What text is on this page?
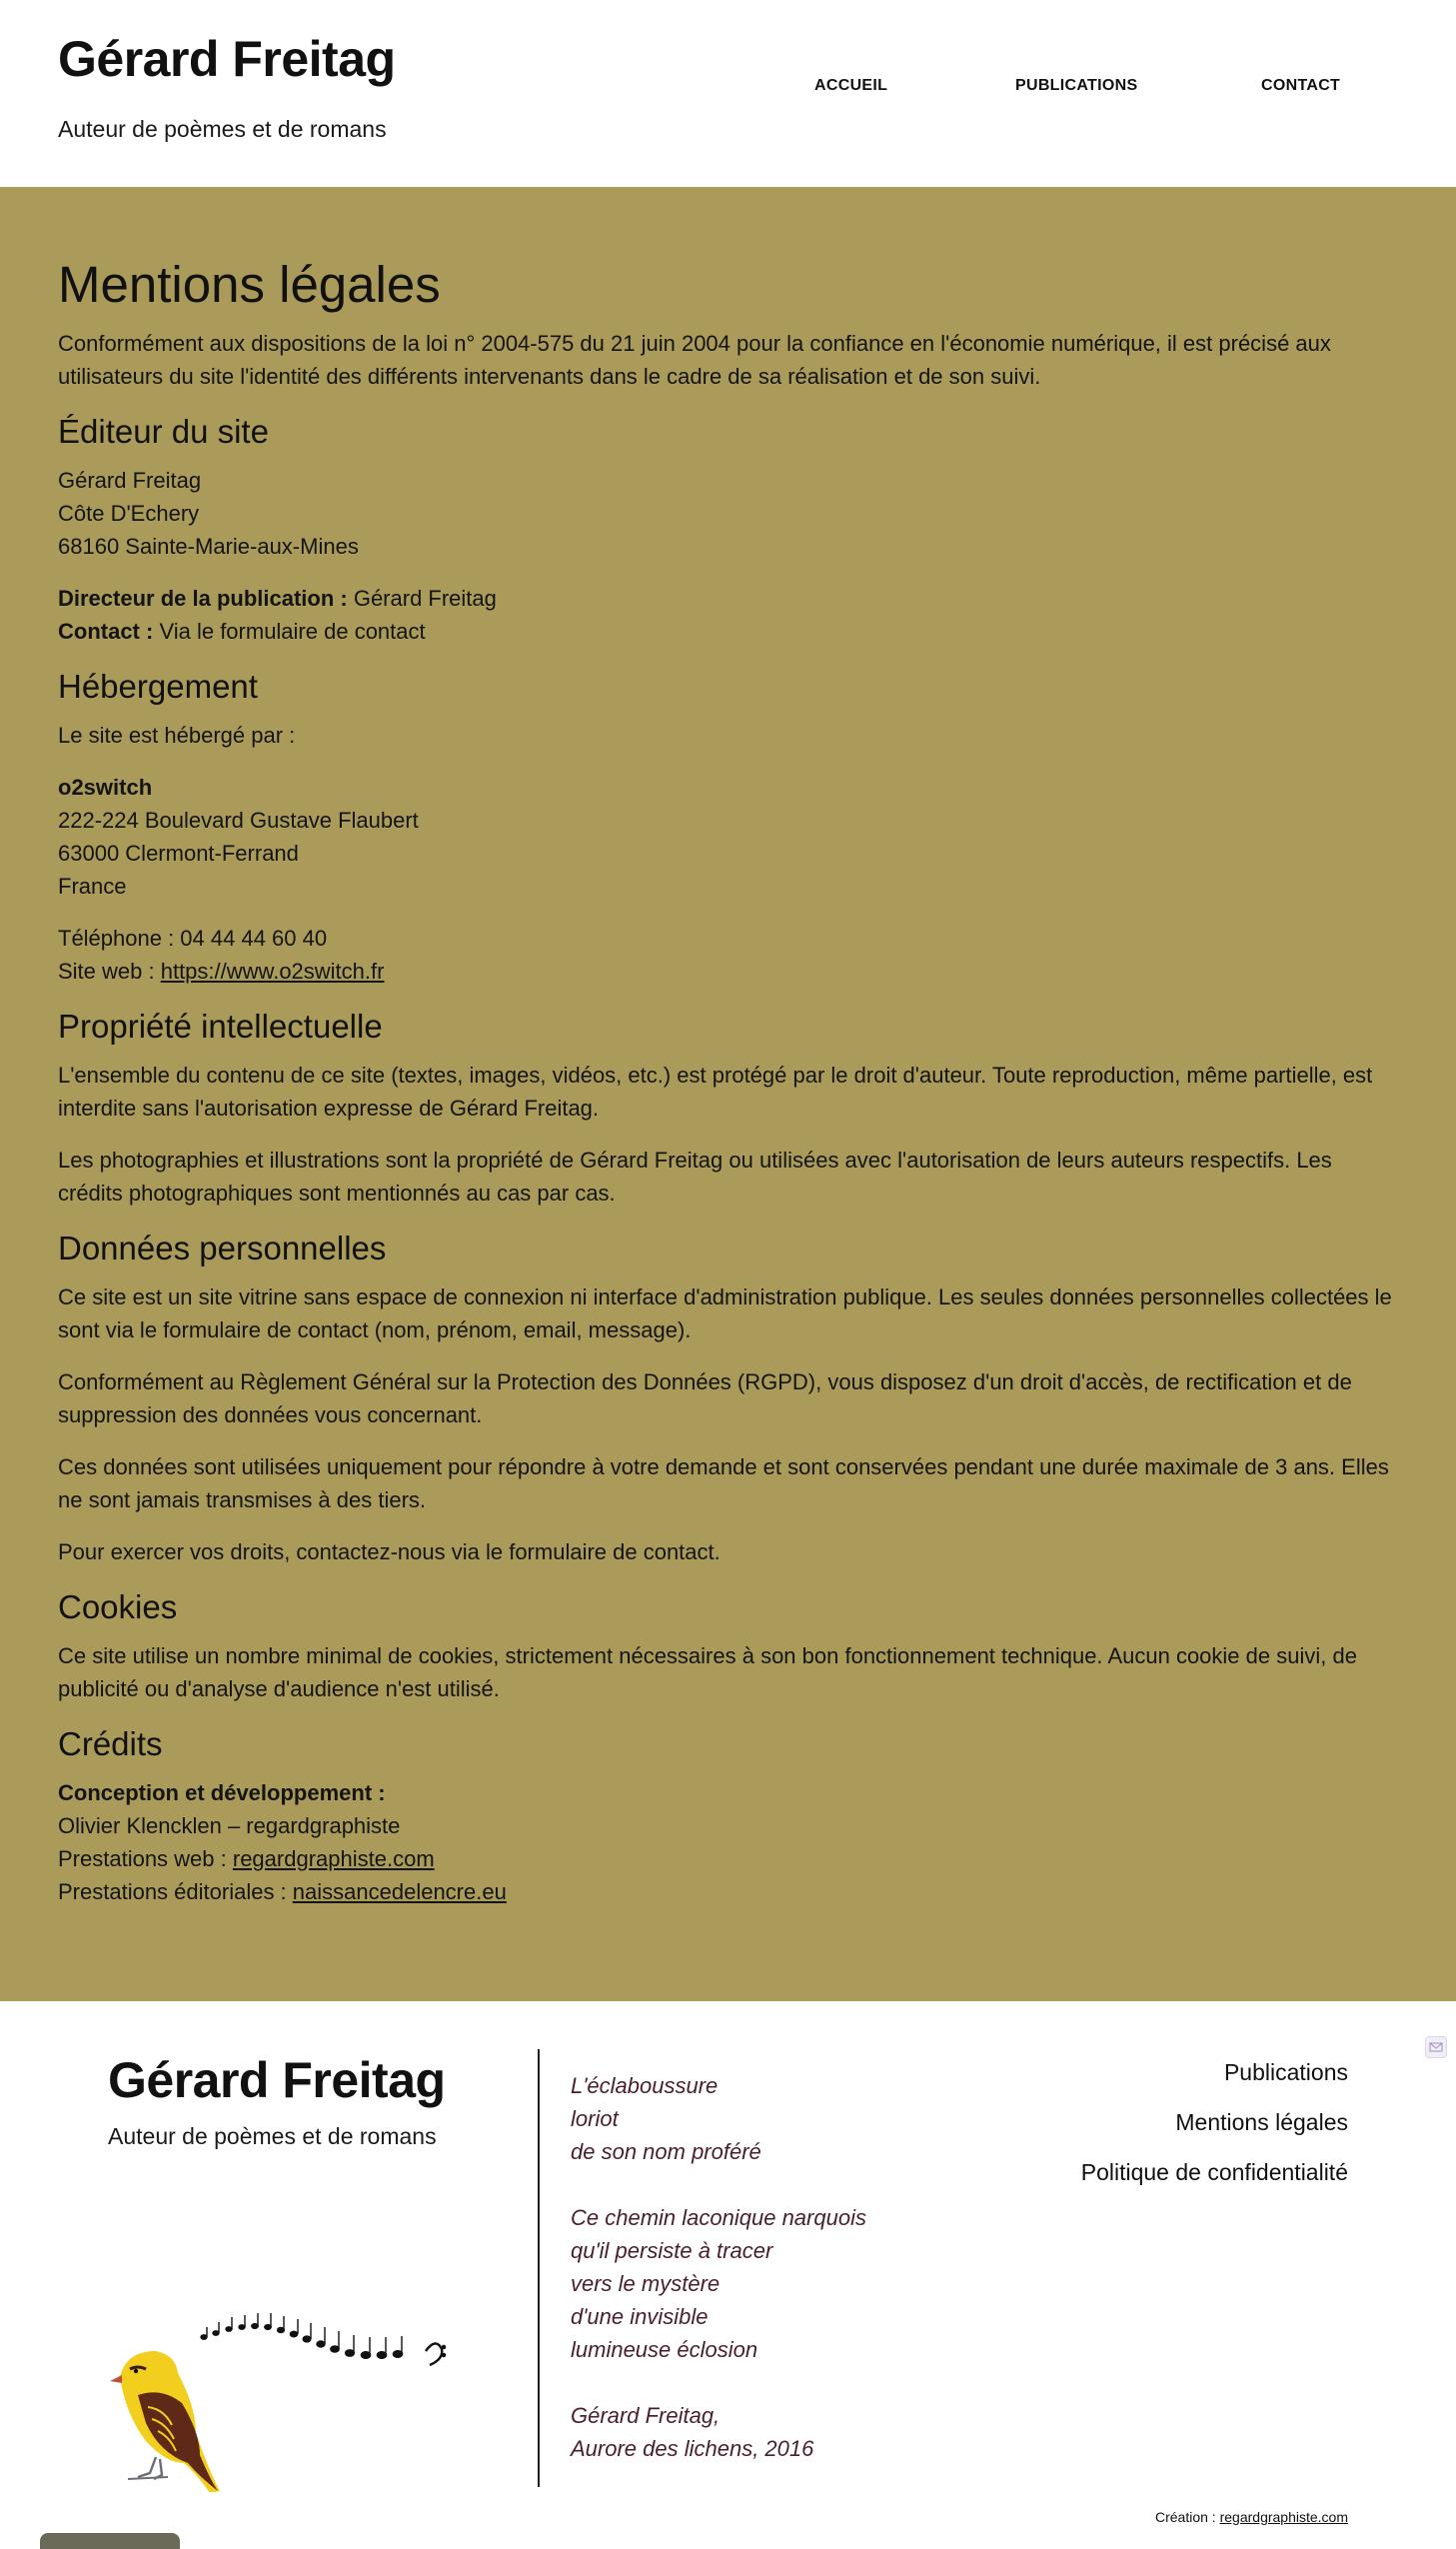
Gérard Freitag
Auteur de poèmes et de romans
ACCUEIL	PUBLICATIONS	CONTACT
Mentions légales

Conformément aux dispositions de la loi n° 2004-575 du 21 juin 2004 pour la confiance en l'économie numérique, il est précisé aux utilisateurs du site l'identité des différents intervenants dans le cadre de sa réalisation et de son suivi.

Éditeur du site

Gérard Freitag
Côte D'Echery
68160 Sainte-Marie-aux-Mines

Directeur de la publication : Gérard Freitag
Contact : Via le formulaire de contact

Hébergement

Le site est hébergé par :

o2switch
222-224 Boulevard Gustave Flaubert
63000 Clermont-Ferrand
France

Téléphone : 04 44 44 60 40
Site web : https://www.o2switch.fr

Propriété intellectuelle

L'ensemble du contenu de ce site (textes, images, vidéos, etc.) est protégé par le droit d'auteur. Toute reproduction, même partielle, est interdite sans l'autorisation expresse de Gérard Freitag.

Les photographies et illustrations sont la propriété de Gérard Freitag ou utilisées avec l'autorisation de leurs auteurs respectifs. Les crédits photographiques sont mentionnés au cas par cas.

Données personnelles

Ce site est un site vitrine sans espace de connexion ni interface d'administration publique. Les seules données personnelles collectées le sont via le formulaire de contact (nom, prénom, email, message).

Conformément au Règlement Général sur la Protection des Données (RGPD), vous disposez d'un droit d'accès, de rectification et de suppression des données vous concernant.

Ces données sont utilisées uniquement pour répondre à votre demande et sont conservées pendant une durée maximale de 3 ans. Elles ne sont jamais transmises à des tiers.

Pour exercer vos droits, contactez-nous via le formulaire de contact.

Cookies

Ce site utilise un nombre minimal de cookies, strictement nécessaires à son bon fonctionnement technique. Aucun cookie de suivi, de publicité ou d'analyse d'audience n'est utilisé.

Crédits

Conception et développement :
Olivier Klencklen – regardgraphiste
Prestations web : regardgraphiste.com
Prestations éditoriales : naissancedelencre.eu

Gérard Freitag
Auteur de poèmes et de romans
L'éclaboussure
loriot
de son nom proféré
Ce chemin laconique narquois
qu'il persiste à tracer
vers le mystère
d'une invisible
lumineuse éclosion
Gérard Freitag,
Aurore des lichens, 2016
Publications
Mentions légales
Politique de confidentialité
Création : regardgraphiste.com
